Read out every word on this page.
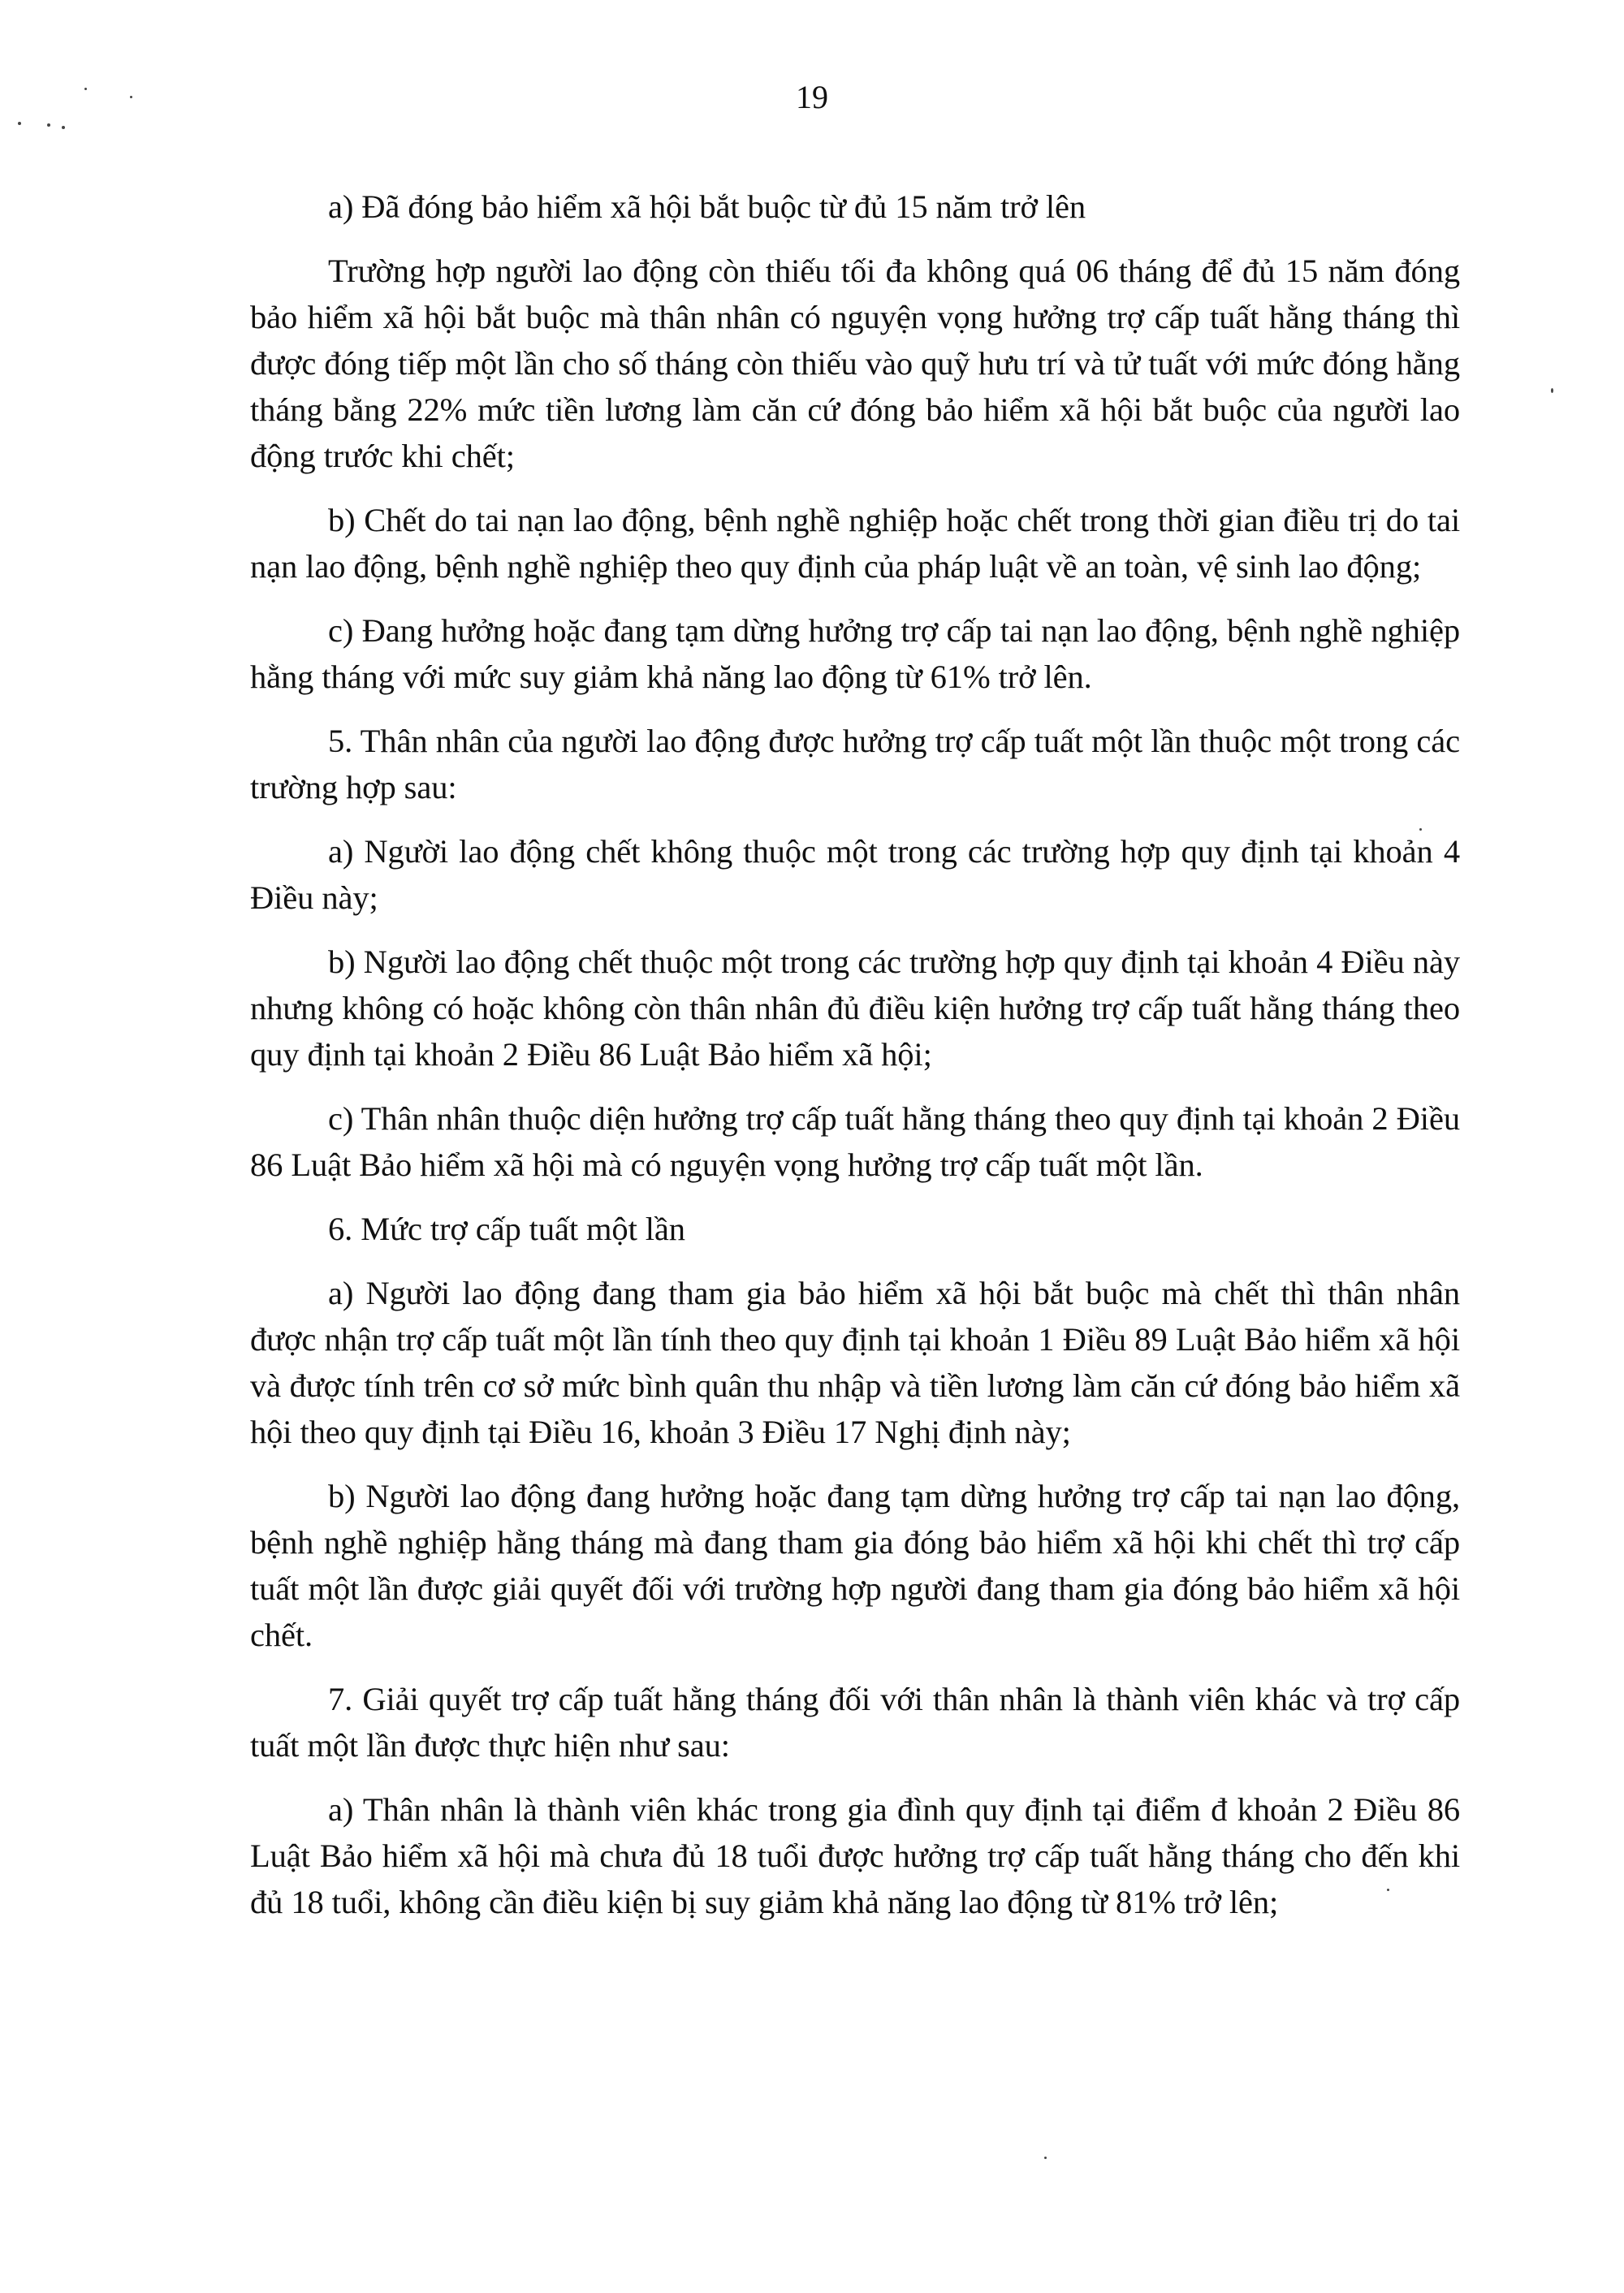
19

a) Đã đóng bảo hiểm xã hội bắt buộc từ đủ 15 năm trở lên

Trường hợp người lao động còn thiếu tối đa không quá 06 tháng để đủ 15 năm đóng bảo hiểm xã hội bắt buộc mà thân nhân có nguyện vọng hưởng trợ cấp tuất hằng tháng thì được đóng tiếp một lần cho số tháng còn thiếu vào quỹ hưu trí và tử tuất với mức đóng hằng tháng bằng 22% mức tiền lương làm căn cứ đóng bảo hiểm xã hội bắt buộc của người lao động trước khi chết;

b) Chết do tai nạn lao động, bệnh nghề nghiệp hoặc chết trong thời gian điều trị do tai nạn lao động, bệnh nghề nghiệp theo quy định của pháp luật về an toàn, vệ sinh lao động;

c) Đang hưởng hoặc đang tạm dừng hưởng trợ cấp tai nạn lao động, bệnh nghề nghiệp hằng tháng với mức suy giảm khả năng lao động từ 61% trở lên.

5. Thân nhân của người lao động được hưởng trợ cấp tuất một lần thuộc một trong các trường hợp sau:

a) Người lao động chết không thuộc một trong các trường hợp quy định tại khoản 4 Điều này;

b) Người lao động chết thuộc một trong các trường hợp quy định tại khoản 4 Điều này nhưng không có hoặc không còn thân nhân đủ điều kiện hưởng trợ cấp tuất hằng tháng theo quy định tại khoản 2 Điều 86 Luật Bảo hiểm xã hội;

c) Thân nhân thuộc diện hưởng trợ cấp tuất hằng tháng theo quy định tại khoản 2 Điều 86 Luật Bảo hiểm xã hội mà có nguyện vọng hưởng trợ cấp tuất một lần.

6. Mức trợ cấp tuất một lần

a) Người lao động đang tham gia bảo hiểm xã hội bắt buộc mà chết thì thân nhân được nhận trợ cấp tuất một lần tính theo quy định tại khoản 1 Điều 89 Luật Bảo hiểm xã hội và được tính trên cơ sở mức bình quân thu nhập và tiền lương làm căn cứ đóng bảo hiểm xã hội theo quy định tại Điều 16, khoản 3 Điều 17 Nghị định này;

b) Người lao động đang hưởng hoặc đang tạm dừng hưởng trợ cấp tai nạn lao động, bệnh nghề nghiệp hằng tháng mà đang tham gia đóng bảo hiểm xã hội khi chết thì trợ cấp tuất một lần được giải quyết đối với trường hợp người đang tham gia đóng bảo hiểm xã hội chết.

7. Giải quyết trợ cấp tuất hằng tháng đối với thân nhân là thành viên khác và trợ cấp tuất một lần được thực hiện như sau:

a) Thân nhân là thành viên khác trong gia đình quy định tại điểm đ khoản 2 Điều 86 Luật Bảo hiểm xã hội mà chưa đủ 18 tuổi được hưởng trợ cấp tuất hằng tháng cho đến khi đủ 18 tuổi, không cần điều kiện bị suy giảm khả năng lao động từ 81% trở lên;
